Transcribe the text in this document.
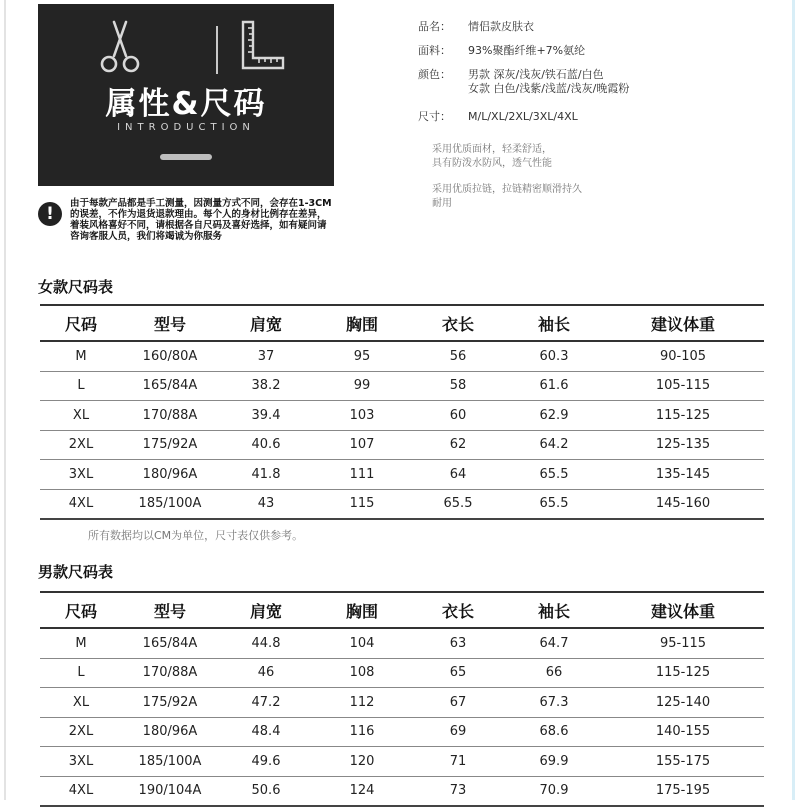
属性&尺码
INTRODUCTION
品名： 情侣款皮肤衣
面料： 93%聚酯纤维+7%氨纶
颜色： 男款 深灰/浅灰/铁石蓝/白色
女款 白色/浅紫/浅蓝/浅灰/晚霞粉
尺寸： M/L/XL/2XL/3XL/4XL
采用优质面材，轻柔舒适，
具有防泼水防风，透气性能
采用优质拉链，拉链精密顺滑持久
耐用
!
由于每款产品都是手工测量，因测量方式不同，会存在1-3CM的误差，不作为退货退款理由。每个人的身材比例存在差异，着装风格喜好不同，请根据各自尺码及喜好选择，如有疑问请咨询客服人员，我们将竭诚为你服务
女款尺码表
尺码	型号	肩宽	胸围	衣长	袖长	建议体重
M	160/80A	37	95	56	60.3	90-105
L	165/84A	38.2	99	58	61.6	105-115
XL	170/88A	39.4	103	60	62.9	115-125
2XL	175/92A	40.6	107	62	64.2	125-135
3XL	180/96A	41.8	111	64	65.5	135-145
4XL	185/100A	43	115	65.5	65.5	145-160
所有数据均以CM为单位，尺寸表仅供参考。
男款尺码表
尺码	型号	肩宽	胸围	衣长	袖长	建议体重
M	165/84A	44.8	104	63	64.7	95-115
L	170/88A	46	108	65	66	115-125
XL	175/92A	47.2	112	67	67.3	125-140
2XL	180/96A	48.4	116	69	68.6	140-155
3XL	185/100A	49.6	120	71	69.9	155-175
4XL	190/104A	50.6	124	73	70.9	175-195
